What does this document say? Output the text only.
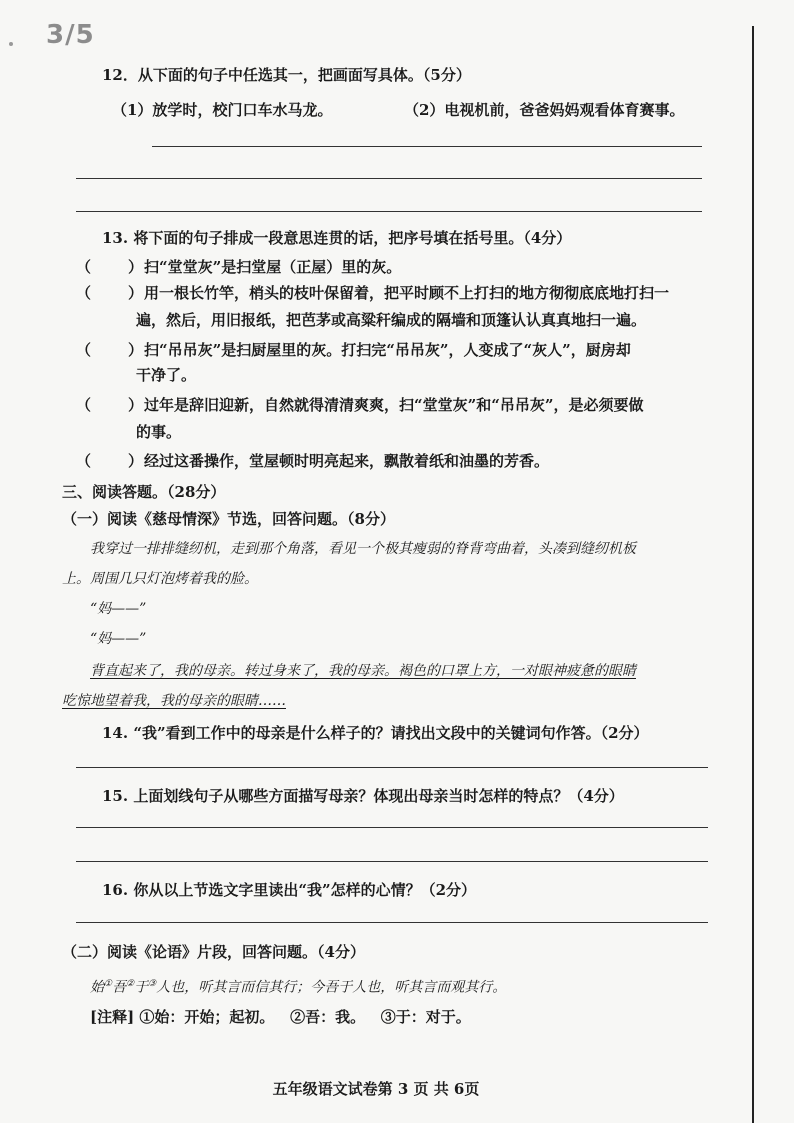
3/5
12．从下面的句子中任选其一，把画面写具体。（5分）
（1）放学时，校门口车水马龙。	（2）电视机前，爸爸妈妈观看体育赛事。
13. 将下面的句子排成一段意思连贯的话，把序号填在括号里。（4分）
（ ） 扫“堂堂灰”是扫堂屋（正屋）里的灰。
（ ） 用一根长竹竿，梢头的枝叶保留着，把平时顾不上打扫的地方彻彻底底地打扫一
遍，然后，用旧报纸，把芭茅或高粱秆编成的隔墙和顶篷认认真真地扫一遍。
（ ） 扫“吊吊灰”是扫厨屋里的灰。打扫完“吊吊灰”，人变成了“灰人”，厨房却
干净了。
（ ） 过年是辞旧迎新，自然就得清清爽爽，扫“堂堂灰”和“吊吊灰”，是必须要做
的事。
（ ） 经过这番操作，堂屋顿时明亮起来，飘散着纸和油墨的芳香。
三、阅读答题。（28分）
（一）阅读《慈母情深》节选，回答问题。（8分）
我穿过一排排缝纫机，走到那个角落，看见一个极其瘦弱的脊背弯曲着，头凑到缝纫机板
上。周围几只灯泡烤着我的脸。
“妈——”
“妈——”
背直起来了，我的母亲。转过身来了，我的母亲。褐色的口罩上方，一对眼神疲惫的眼睛
吃惊地望着我，我的母亲的眼睛……
14. “我”看到工作中的母亲是什么样子的？请找出文段中的关键词句作答。（2分）
15. 上面划线句子从哪些方面描写母亲？体现出母亲当时怎样的特点？（4分）
16. 你从以上节选文字里读出“我”怎样的心情？（2分）
（二）阅读《论语》片段，回答问题。（4分）
始①吾②于③人也，听其言而信其行；今吾于人也，听其言而观其行。
[注释] ①始：开始；起初。   ②吾：我。   ③于：对于。
五年级语文试卷第 3 页 共 6页
